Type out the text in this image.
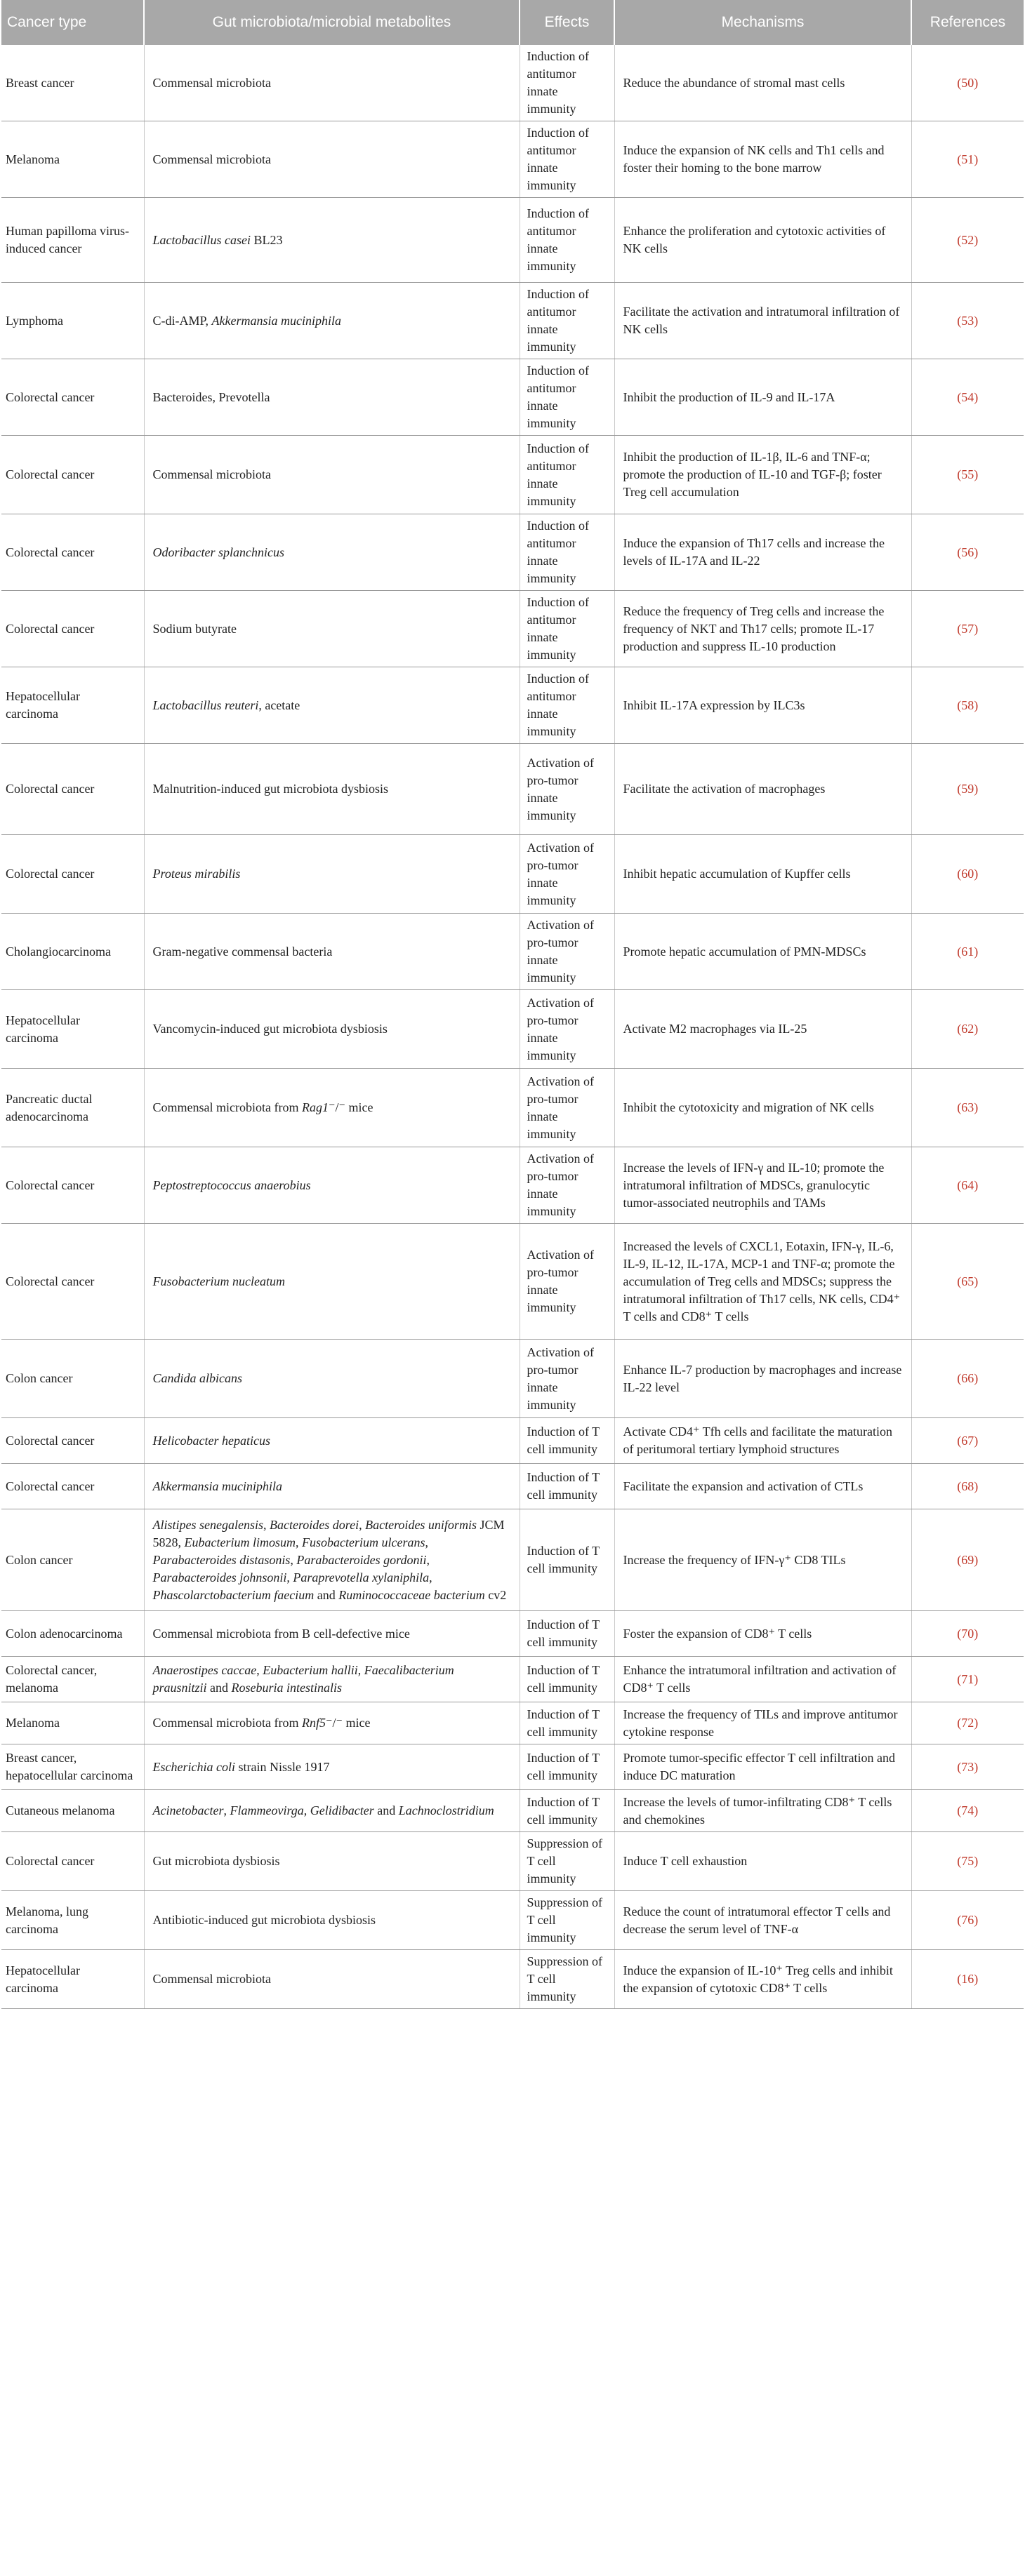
Cancer type	Gut microbiota/microbial metabolites	Effects	Mechanisms	References
Breast cancer	Commensal microbiota	Induction of antitumor innate immunity	Reduce the abundance of stromal mast cells	(50)
Melanoma	Commensal microbiota	Induction of antitumor innate immunity	Induce the expansion of NK cells and Th1 cells and foster their homing to the bone marrow	(51)
Human papilloma virus-induced cancer	Lactobacillus casei BL23	Induction of antitumor innate immunity	Enhance the proliferation and cytotoxic activities of NK cells	(52)
Lymphoma	C-di-AMP, Akkermansia muciniphila	Induction of antitumor innate immunity	Facilitate the activation and intratumoral infiltration of NK cells	(53)
Colorectal cancer	Bacteroides, Prevotella	Induction of antitumor innate immunity	Inhibit the production of IL-9 and IL-17A	(54)
Colorectal cancer	Commensal microbiota	Induction of antitumor innate immunity	Inhibit the production of IL-1β, IL-6 and TNF-α; promote the production of IL-10 and TGF-β; foster Treg cell accumulation	(55)
Colorectal cancer	Odoribacter splanchnicus	Induction of antitumor innate immunity	Induce the expansion of Th17 cells and increase the levels of IL-17A and IL-22	(56)
Colorectal cancer	Sodium butyrate	Induction of antitumor innate immunity	Reduce the frequency of Treg cells and increase the frequency of NKT and Th17 cells; promote IL-17 production and suppress IL-10 production	(57)
Hepatocellular carcinoma	Lactobacillus reuteri, acetate	Induction of antitumor innate immunity	Inhibit IL-17A expression by ILC3s	(58)
Colorectal cancer	Malnutrition-induced gut microbiota dysbiosis	Activation of pro-tumor innate immunity	Facilitate the activation of macrophages	(59)
Colorectal cancer	Proteus mirabilis	Activation of pro-tumor innate immunity	Inhibit hepatic accumulation of Kupffer cells	(60)
Cholangiocarcinoma	Gram-negative commensal bacteria	Activation of pro-tumor innate immunity	Promote hepatic accumulation of PMN-MDSCs	(61)
Hepatocellular carcinoma	Vancomycin-induced gut microbiota dysbiosis	Activation of pro-tumor innate immunity	Activate M2 macrophages via IL-25	(62)
Pancreatic ductal adenocarcinoma	Commensal microbiota from Rag1⁻/⁻ mice	Activation of pro-tumor innate immunity	Inhibit the cytotoxicity and migration of NK cells	(63)
Colorectal cancer	Peptostreptococcus anaerobius	Activation of pro-tumor innate immunity	Increase the levels of IFN-γ and IL-10; promote the intratumoral infiltration of MDSCs, granulocytic tumor-associated neutrophils and TAMs	(64)
Colorectal cancer	Fusobacterium nucleatum	Activation of pro-tumor innate immunity	Increased the levels of CXCL1, Eotaxin, IFN-γ, IL-6, IL-9, IL-12, IL-17A, MCP-1 and TNF-α; promote the accumulation of Treg cells and MDSCs; suppress the intratumoral infiltration of Th17 cells, NK cells, CD4⁺ T cells and CD8⁺ T cells	(65)
Colon cancer	Candida albicans	Activation of pro-tumor innate immunity	Enhance IL-7 production by macrophages and increase IL-22 level	(66)
Colorectal cancer	Helicobacter hepaticus	Induction of T cell immunity	Activate CD4⁺ Tfh cells and facilitate the maturation of peritumoral tertiary lymphoid structures	(67)
Colorectal cancer	Akkermansia muciniphila	Induction of T cell immunity	Facilitate the expansion and activation of CTLs	(68)
Colon cancer	Alistipes senegalensis, Bacteroides dorei, Bacteroides uniformis JCM 5828, Eubacterium limosum, Fusobacterium ulcerans, Parabacteroides distasonis, Parabacteroides gordonii, Parabacteroides johnsonii, Paraprevotella xylaniphila, Phascolarctobacterium faecium and Ruminococcaceae bacterium cv2	Induction of T cell immunity	Increase the frequency of IFN-γ⁺ CD8 TILs	(69)
Colon adenocarcinoma	Commensal microbiota from B cell-defective mice	Induction of T cell immunity	Foster the expansion of CD8⁺ T cells	(70)
Colorectal cancer, melanoma	Anaerostipes caccae, Eubacterium hallii, Faecalibacterium prausnitzii and Roseburia intestinalis	Induction of T cell immunity	Enhance the intratumoral infiltration and activation of CD8⁺ T cells	(71)
Melanoma	Commensal microbiota from Rnf5⁻/⁻ mice	Induction of T cell immunity	Increase the frequency of TILs and improve antitumor cytokine response	(72)
Breast cancer, hepatocellular carcinoma	Escherichia coli strain Nissle 1917	Induction of T cell immunity	Promote tumor-specific effector T cell infiltration and induce DC maturation	(73)
Cutaneous melanoma	Acinetobacter, Flammeovirga, Gelidibacter and Lachnoclostridium	Induction of T cell immunity	Increase the levels of tumor-infiltrating CD8⁺ T cells and chemokines	(74)
Colorectal cancer	Gut microbiota dysbiosis	Suppression of T cell immunity	Induce T cell exhaustion	(75)
Melanoma, lung carcinoma	Antibiotic-induced gut microbiota dysbiosis	Suppression of T cell immunity	Reduce the count of intratumoral effector T cells and decrease the serum level of TNF-α	(76)
Hepatocellular carcinoma	Commensal microbiota	Suppression of T cell immunity	Induce the expansion of IL-10⁺ Treg cells and inhibit the expansion of cytotoxic CD8⁺ T cells	(16)
